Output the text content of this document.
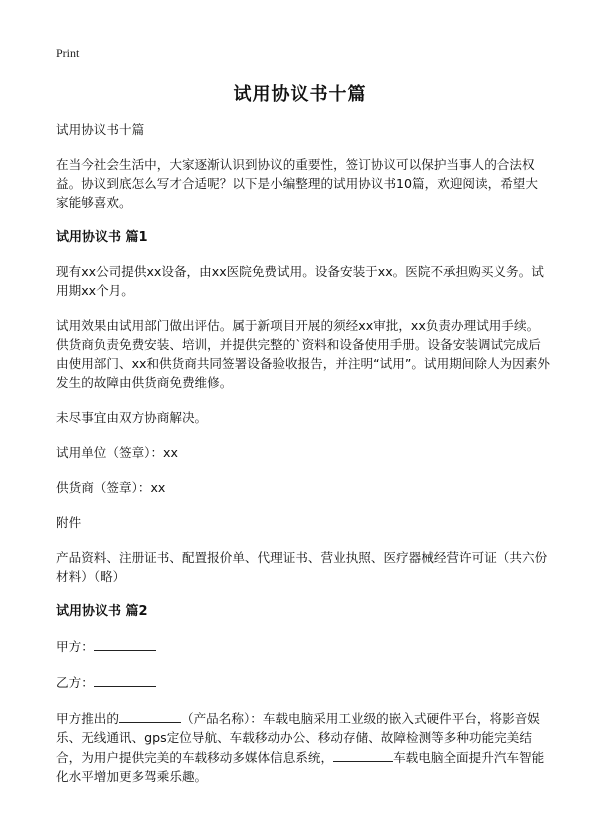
Print
试用协议书十篇

试用协议书十篇

在当今社会生活中，大家逐渐认识到协议的重要性，签订协议可以保护当事人的合法权益。协议到底怎么写才合适呢？以下是小编整理的试用协议书10篇，欢迎阅读，希望大家能够喜欢。

试用协议书 篇1

现有xx公司提供xx设备，由xx医院免费试用。设备安装于xx。医院不承担购买义务。试用期xx个月。

试用效果由试用部门做出评估。属于新项目开展的须经xx审批，xx负责办理试用手续。供货商负责免费安装、培训，并提供完整的`资料和设备使用手册。设备安装调试完成后由使用部门、xx和供货商共同签署设备验收报告，并注明“试用”。试用期间除人为因素外发生的故障由供货商免费维修。

未尽事宜由双方协商解决。

试用单位（签章）：xx

供货商（签章）：xx

附件

产品资料、注册证书、配置报价单、代理证书、营业执照、医疗器械经营许可证（共六份材料）（略）

试用协议书 篇2

甲方：

乙方：

甲方推出的	（产品名称）：车载电脑采用工业级的嵌入式硬件平台，将影音娱乐、无线通讯、gps定位导航、车载移动办公、移动存储、故障检测等多种功能完美结合，为用户提供完美的车载移动多媒体信息系统，	车载电脑全面提升汽车智能化水平增加更多驾乘乐趣。
